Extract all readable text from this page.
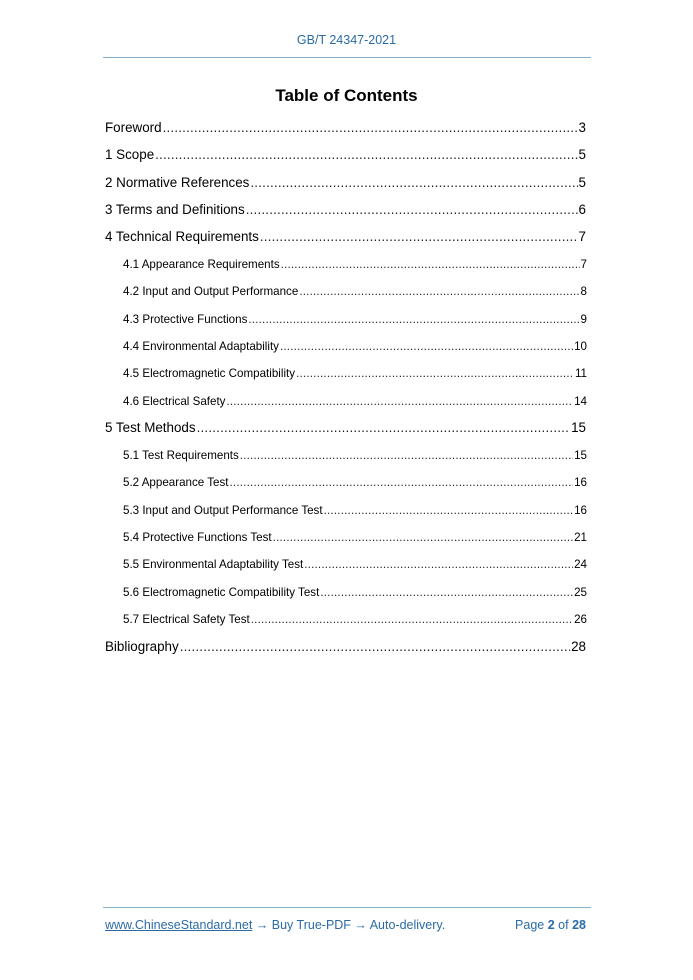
GB/T 24347-2021
Table of Contents
Foreword .....	3
1 Scope .....	5
2 Normative References .....	5
3 Terms and Definitions .....	6
4 Technical Requirements .....	7
4.1 Appearance Requirements .....	7
4.2 Input and Output Performance .....	8
4.3 Protective Functions .....	9
4.4 Environmental Adaptability .....	10
4.5 Electromagnetic Compatibility .....	11
4.6 Electrical Safety .....	14
5 Test Methods .....	15
5.1 Test Requirements .....	15
5.2 Appearance Test .....	16
5.3 Input and Output Performance Test .....	16
5.4 Protective Functions Test .....	21
5.5 Environmental Adaptability Test .....	24
5.6 Electromagnetic Compatibility Test .....	25
5.7 Electrical Safety Test .....	26
Bibliography .....	28
www.ChineseStandard.net → Buy True-PDF → Auto-delivery.	Page 2 of 28
